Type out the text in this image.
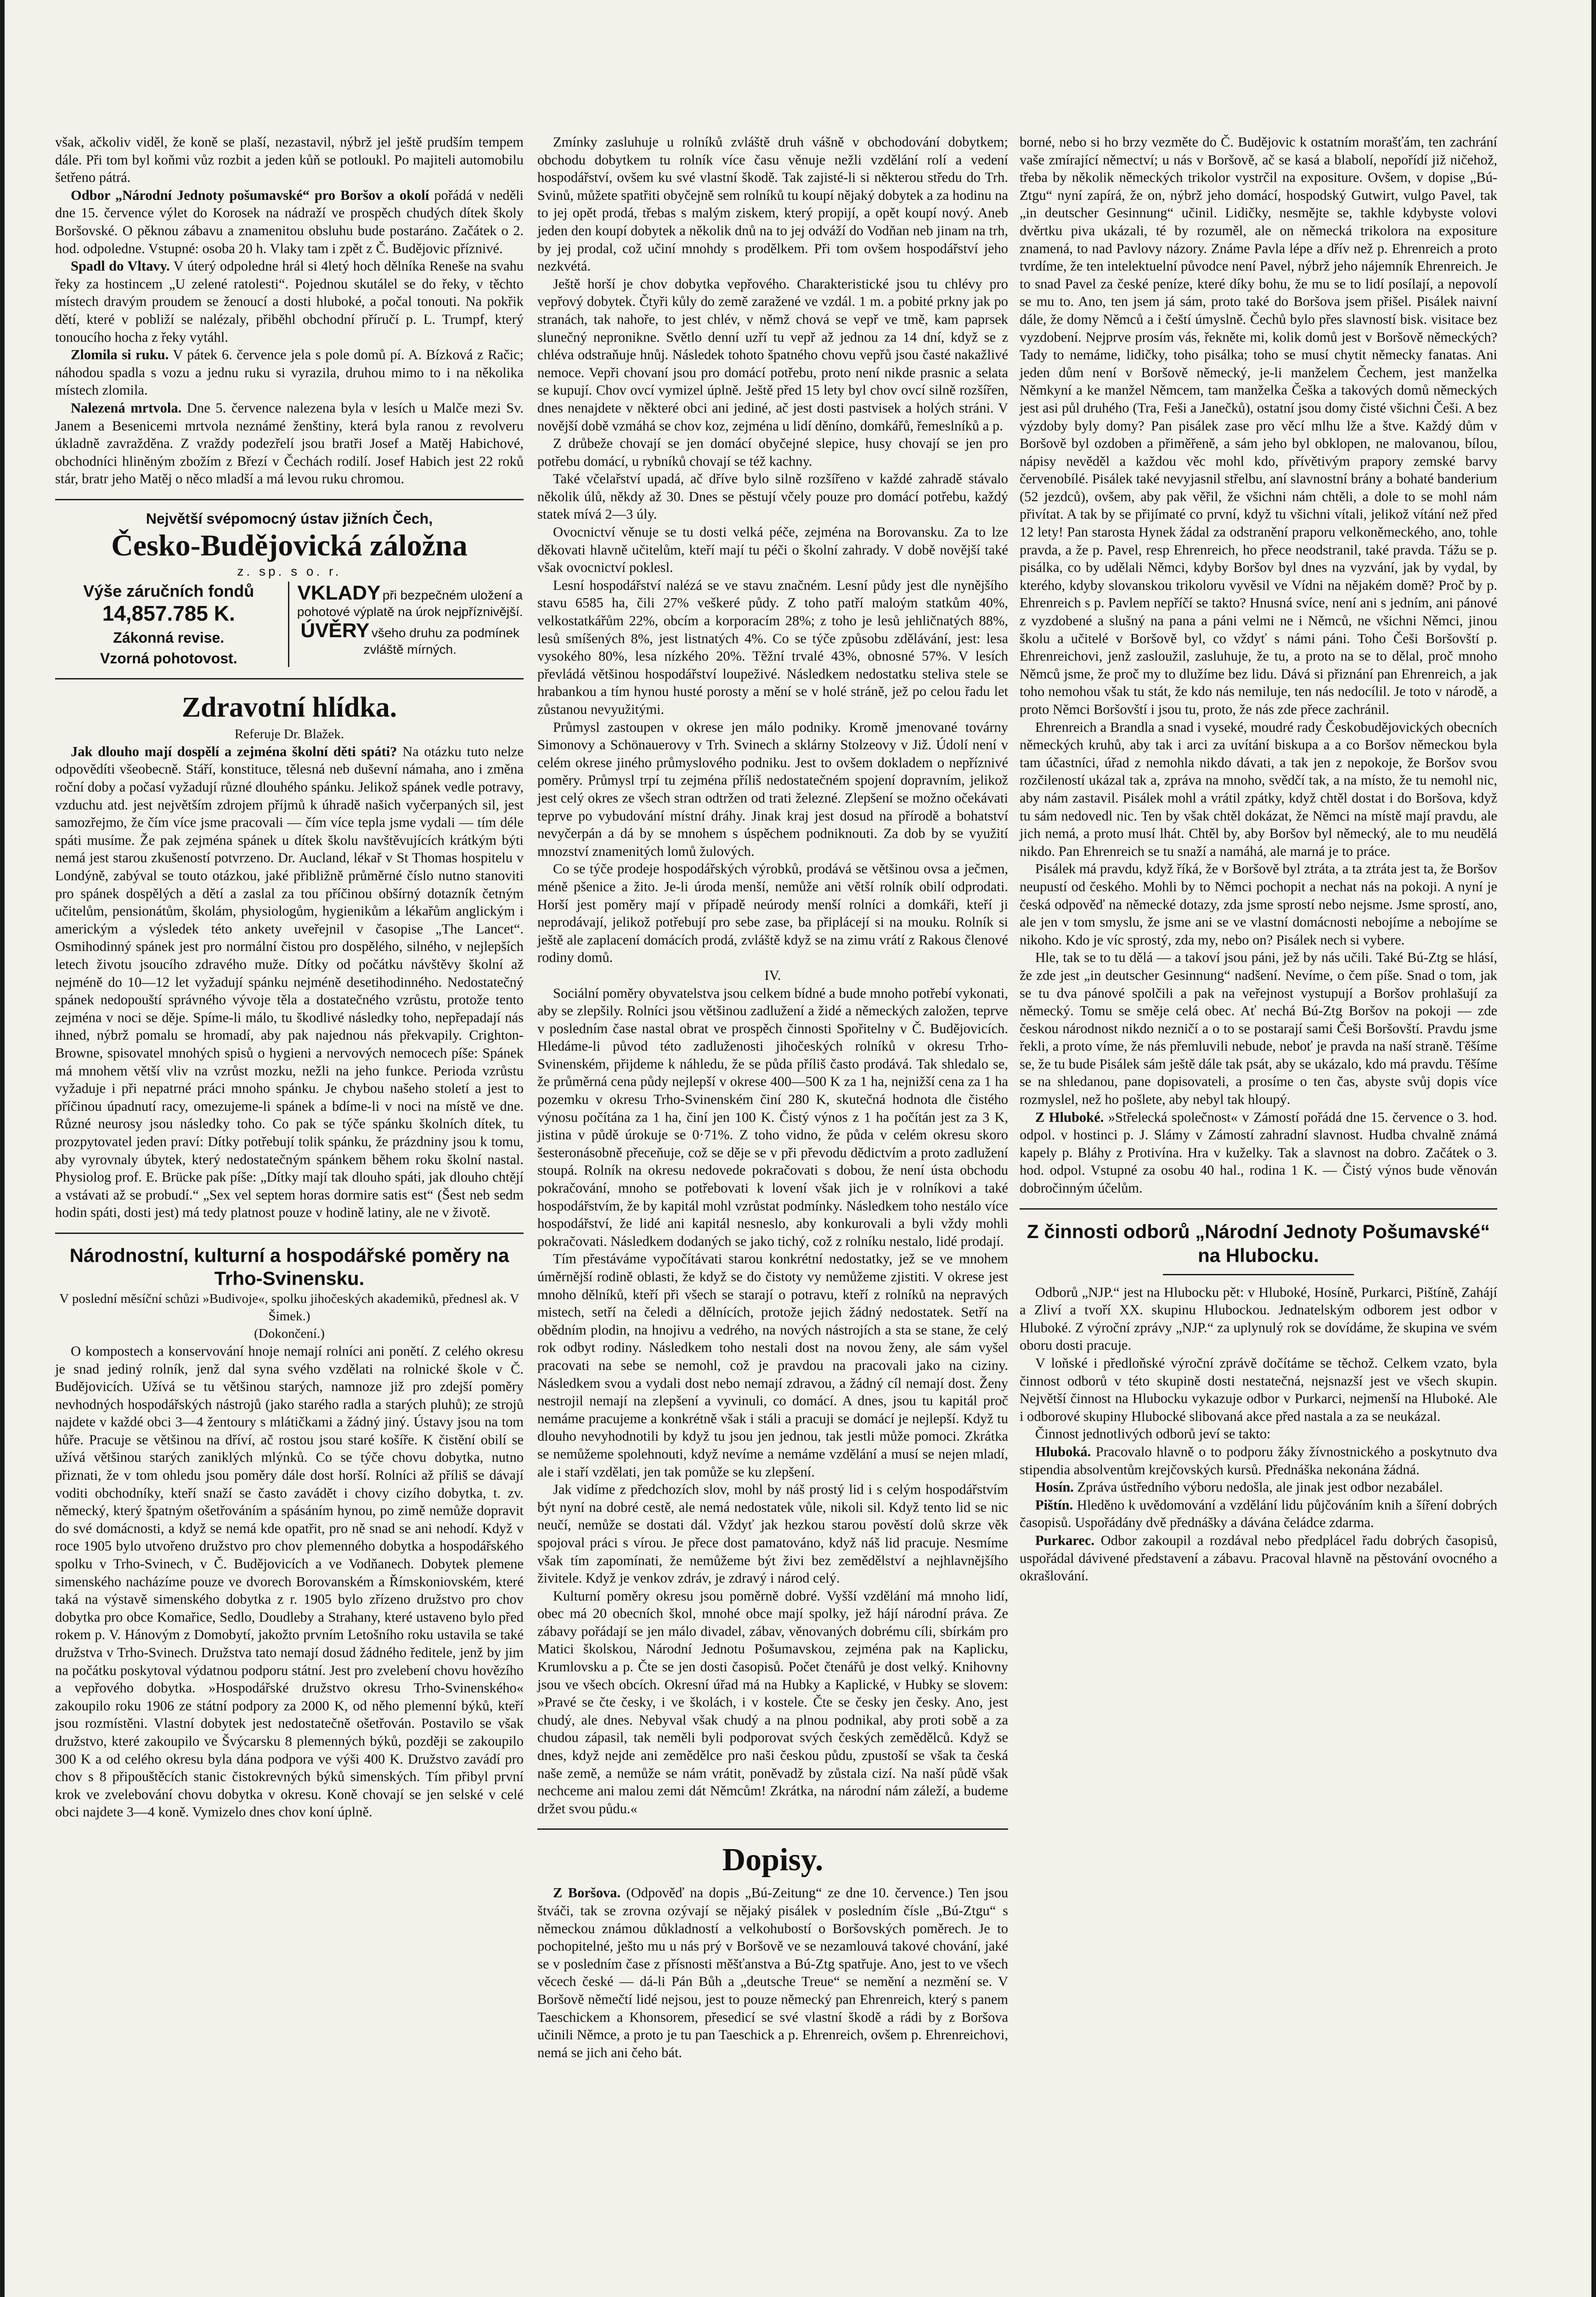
však, ačkoliv viděl, že koně se plaší, nezastavil, nýbrž jel ještě prudším tempem dále. Při tom byl koňmi vůz rozbit a jeden kůň se potloukl. Po majiteli automobilu šetřeno pátrá.

Odbor „Národní Jednoty pošumavské“ pro Boršov a okolí pořádá v neděli dne 15. července výlet do Korosek na nádraží ve prospěch chudých dítek školy Boršovské. O pěknou zábavu a znamenitou obsluhu bude postaráno. Začátek o 2. hod. odpoledne. Vstupné: osoba 20 h. Vlaky tam i zpět z Č. Budějovic příznivé.

Spadl do Vltavy. V úterý odpoledne hrál si 4letý hoch dělníka Reneše na svahu řeky za hostincem „U zelené ratolesti“. Pojednou skutálel se do řeky, v těchto místech dravým proudem se ženoucí a dosti hluboké, a počal tonouti. Na pokřik dětí, které v pobliží se nalézaly, přiběhl obchodní příručí p. L. Trumpf, který tonoucího hocha z řeky vytáhl.

Zlomila si ruku. V pátek 6. července jela s pole domů pí. A. Bízková z Račic; náhodou spadla s vozu a jednu ruku si vyrazila, druhou mimo to i na několika místech zlomila.

Nalezená mrtvola. Dne 5. července nalezena byla v lesích u Malče mezi Sv. Janem a Besenicemi mrtvola neznámé ženštiny, která byla ranou z revolveru úkladně zavražděna. Z vraždy podezřelí jsou bratři Josef a Matěj Habichové, obchodníci hliněným zbožím z Březí v Čechách rodilí. Josef Habich jest 22 roků stár, bratr jeho Matěj o něco mladší a má levou ruku chromou.

Největší svépomocný ústav jižních Čech,
Česko-Budějovická záložna
z. sp. s o. r.
Výše záručních fondů
14,857.785 K.
Zákonná revise.
Vzorná pohotovost.
VKLADY při bezpečném uložení a pohotové výplatě na úrok nejpříznivější.
ÚVĚRY všeho druhu za podmínek zvláště mírných.
Zdravotní hlídka.

Referuje Dr. Blažek.

Jak dlouho mají dospělí a zejména školní děti spáti? Na otázku tuto nelze odpovědíti všeobecně. Stáří, konstituce, tělesná neb duševní námaha, ano i změna roční doby a počasí vyžadují různé dlouhého spánku. Jelikož spánek vedle potravy, vzduchu atd. jest největším zdrojem příjmů k úhradě našich vyčerpaných sil, jest samozřejmo, že čím více jsme pracovali — čím více tepla jsme vydali — tím déle spáti musíme. Že pak zejména spánek u dítek školu navštěvujících krátkým býti nemá jest starou zkušeností potvrzeno. Dr. Aucland, lékař v St Thomas hospitelu v Londýně, zabýval se touto otázkou, jaké přibližně průměrné číslo nutno stanoviti pro spánek dospělých a dětí a zaslal za tou příčinou obšírný dotazník četným učitelům, pensionátům, školám, physiologům, hygienikům a lékařům anglickým i americkým a výsledek této ankety uveřejnil v časopise „The Lancet“. Osmihodinný spánek jest pro normální čistou pro dospělého, silného, v nejlepších letech životu jsoucího zdravého muže. Dítky od počátku návštěvy školní až nejméně do 10—12 let vyžadují spánku nejméně desetihodinného. Nedostatečný spánek nedopouští správného vývoje těla a dostatečného vzrůstu, protože tento zejména v noci se děje. Spíme-li málo, tu škodlivé následky toho, nepřepadají nás ihned, nýbrž pomalu se hromadí, aby pak najednou nás překvapily. Crighton-Browne, spisovatel mnohých spisů o hygieni a nervových nemocech píše: Spánek má mnohem větší vliv na vzrůst mozku, nežli na jeho funkce. Perioda vzrůstu vyžaduje i při nepatrné práci mnoho spánku. Je chybou našeho století a jest to příčinou úpadnutí racy, omezujeme-li spánek a bdíme-li v noci na místě ve dne. Různé neurosy jsou následky toho. Co pak se týče spánku školních dítek, tu prozpytovatel jeden praví: Dítky potřebují tolik spánku, že prázdniny jsou k tomu, aby vyrovnaly úbytek, který nedostatečným spánkem během roku školní nastal. Physiolog prof. E. Brücke pak píše: „Dítky mají tak dlouho spáti, jak dlouho chtějí a vstávati až se probudí.“ „Sex vel septem horas dormire satis est“ (Šest neb sedm hodin spáti, dosti jest) má tedy platnost pouze v hodině latiny, ale ne v životě.

Národnostní, kulturní a hospodářské poměry na Trho-Svinensku.

V poslední měsíční schůzi »Budivoje«, spolku jihočeských akademiků, přednesl ak. V Šimek.)

(Dokončení.)

O kompostech a konservování hnoje nemají rolníci ani ponětí. Z celého okresu je snad jediný rolník, jenž dal syna svého vzdělati na rolnické škole v Č. Budějovicích. Užívá se tu většinou starých, namnoze již pro zdejší poměry nevhodných hospodářských nástrojů (jako starého radla a starých pluhů); ze strojů najdete v každé obci 3—4 žentoury s mlátičkami a žádný jiný. Ústavy jsou na tom hůře. Pracuje se většinou na dříví, ač rostou jsou staré košíře. K čistění obilí se užívá většinou starých zaniklých mlýnků. Co se týče chovu dobytka, nutno přiznati, že v tom ohledu jsou poměry dále dost horší. Rolníci až příliš se dávají voditi obchodníky, kteří snaží se často zavádět i chovy cizího dobytka, t. zv. německý, který špatným ošetřováním a spásáním hynou, po zimě nemůže dopravit do své domácnosti, a když se nemá kde opatřit, pro ně snad se ani nehodí. Když v roce 1905 bylo utvořeno družstvo pro chov plemenného dobytka a hospodářského spolku v Trho-Svinech, v Č. Budějovicích a ve Vodňanech. Dobytek plemene simenského nacházíme pouze ve dvorech Borovanském a Římskoniovském, které taká na výstavě simenského dobytka z r. 1905 bylo zřízeno družstvo pro chov dobytka pro obce Komařice, Sedlo, Doudleby a Strahany, které ustaveno bylo před rokem p. V. Hánovým z Domobytí, jakožto prvním Letošního roku ustavila se také družstva v Trho-Svinech. Družstva tato nemají dosud žádného ředitele, jenž by jim na počátku poskytoval výdatnou podporu státní. Jest pro zvelebení chovu hovězího a vepřového dobytka. »Hospodářské družstvo okresu Trho-Svinenského« zakoupilo roku 1906 ze státní podpory za 2000 K, od něho plemenní býků, kteří jsou rozmístěni. Vlastní dobytek jest nedostatečně ošetřován. Postavilo se však družstvo, které zakoupilo ve Švýcarsku 8 plemenných býků, později se zakoupilo 300 K a od celého okresu byla dána podpora ve výši 400 K. Družstvo zavádí pro chov s 8 připouštěcích stanic čistokrevných býků simenských. Tím přibyl první krok ve zvelebování chovu dobytka v okresu. Koně chovají se jen selské v celé obci najdete 3—4 koně. Vymizelo dnes chov koní úplně.

Zmínky zasluhuje u rolníků zvláště druh vášně v obchodování dobytkem; obchodu dobytkem tu rolník více času věnuje nežli vzdělání rolí a vedení hospodářství, ovšem ku své vlastní škodě. Tak zajisté-li si některou středu do Trh. Svinů, můžete spatřiti obyčejně sem rolníků tu koupí nějaký dobytek a za hodinu na to jej opět prodá, třebas s malým ziskem, který propijí, a opět koupí nový. Aneb jeden den koupí dobytek a několik dnů na to jej odváží do Vodňan neb jinam na trh, by jej prodal, což učiní mnohdy s prodělkem. Při tom ovšem hospodářství jeho nezkvétá.

Ještě horší je chov dobytka vepřového. Charakteristické jsou tu chlévy pro vepřový dobytek. Čtyři kůly do země zaražené ve vzdál. 1 m. a pobité prkny jak po stranách, tak nahoře, to jest chlév, v němž chová se vepř ve tmě, kam paprsek slunečný nepronikne. Světlo denní uzří tu vepř až jednou za 14 dní, když se z chléva odstraňuje hnůj. Následek tohoto špatného chovu vepřů jsou časté nakažlivé nemoce. Vepři chovaní jsou pro domácí potřebu, proto není nikde prasnic a selata se kupují. Chov ovcí vymizel úplně. Ještě před 15 lety byl chov ovcí silně rozšířen, dnes nenajdete v některé obci ani jediné, ač jest dosti pastvisek a holých stráni. V novější době vzmáhá se chov koz, zejména u lidí děníno, domkářů, řemeslníků a p.

Z drůbeže chovají se jen domácí obyčejné slepice, husy chovají se jen pro potřebu domácí, u rybníků chovají se též kachny.

Také včelařství upadá, ač dříve bylo silně rozšířeno v každé zahradě stávalo několik úlů, někdy až 30. Dnes se pěstují včely pouze pro domácí potřebu, každý statek mívá 2—3 úly.

Ovocnictví věnuje se tu dosti velká péče, zejména na Borovansku. Za to lze děkovati hlavně učitelům, kteří mají tu péči o školní zahrady. V době novější také však ovocnictví poklesl.

Lesní hospodářství nalézá se ve stavu značném. Lesní půdy jest dle nynějšího stavu 6585 ha, čili 27% veškeré půdy. Z toho patří maloým statkům 40%, velkostatkářům 22%, obcím a korporacím 28%; z toho je lesů jehličnatých 88%, lesů smíšených 8%, jest listnatých 4%. Co se týče způsobu zdělávání, jest: lesa vysokého 80%, lesa nízkého 20%. Těžní trvalé 43%, obnosné 57%. V lesích převládá většinou hospodářství loupeživé. Následkem nedostatku steliva stele se hrabankou a tím hynou husté porosty a mění se v holé stráně, jež po celou řadu let zůstanou nevyužitými.

Průmysl zastoupen v okrese jen málo podniky. Kromě jmenované továrny Simonovy a Schönauerovy v Trh. Svinech a sklárny Stolzeovy v Již. Údolí není v celém okrese jiného průmyslového podniku. Jest to ovšem dokladem o nepříznivé poměry. Průmysl trpí tu zejména příliš nedostatečném spojení dopravním, jelikož jest celý okres ze všech stran odtržen od trati železné. Zlepšení se možno očekávati teprve po vybudování místní dráhy. Jinak kraj jest dosud na přírodě a bohatství nevyčerpán a dá by se mnohem s úspěchem podniknouti. Za dob by se využití mnozství znamenitých lomů žulových.

Co se týče prodeje hospodářských výrobků, prodává se většinou ovsa a ječmen, méně pšenice a žito. Je-li úroda menší, nemůže ani větší rolník obilí odprodati. Horší jest poměry mají v případě neúrody menší rolníci a domkáři, kteří ji neprodávají, jelikož potřebují pro sebe zase, ba připlácejí si na mouku. Rolník si ještě ale zaplacení domácích prodá, zvláště když se na zimu vrátí z Rakous členové rodiny domů.

IV.

Sociální poměry obyvatelstva jsou celkem bídné a bude mnoho potřebí vykonati, aby se zlepšily. Rolníci jsou většinou zadlužení a židé a německých založen, teprve v posledním čase nastal obrat ve prospěch činnosti Spořitelny v Č. Budějovicích. Hledáme-li původ této zadluženosti jihočeských rolníků v okresu Trho-Svinenském, přijdeme k náhledu, že se půda příliš často prodává. Tak shledalo se, že průměrná cena půdy nejlepší v okrese 400—500 K za 1 ha, nejnižší cena za 1 ha pozemku v okresu Trho-Svinenském činí 280 K, skutečná hodnota dle čistého výnosu počítána za 1 ha, činí jen 100 K. Čistý výnos z 1 ha počítán jest za 3 K, jistina v půdě úrokuje se 0·71%. Z toho vidno, že půda v celém okresu skoro šesteronásobně přeceňuje, což se děje se v při převodu dědictvím a proto zadlužení stoupá. Rolník na okresu nedovede pokračovati s dobou, že není ústa obchodu pokračování, mnoho se potřebovati k lovení však jich je v rolníkovi a také hospodářstvím, že by kapitál mohl vzrůstat podmínky. Následkem toho nestálo více hospodářství, že lidé ani kapitál nesneslo, aby konkurovali a byli vždy mohli pokračovati. Následkem dodaných se jako tichý, což z rolníku nestalo, lidé prodají.

Tím přestáváme vypočítávati starou konkrétní nedostatky, jež se ve mnohem úměrnější rodině oblasti, že když se do čistoty vy nemůžeme zjistiti. V okrese jest mnoho dělníků, kteří při všech se starají o potravu, kteří z rolníků na nepravých mistech, setří na čeledi a dělnících, protože jejich žádný nedostatek. Setří na obědním plodin, na hnojivu a vedrého, na nových nástrojích a sta se stane, že celý rok odbyt rodiny. Následkem toho nestali dost na novou ženy, ale sám vyšel pracovati na sebe se nemohl, což je pravdou na pracovali jako na ciziny. Následkem svou a vydali dost nebo nemají zdravou, a žádný cíl nemají dost. Ženy nestrojil nemají na zlepšení a vyvinuli, co domácí. A dnes, jsou tu kapitál proč nemáme pracujeme a konkrétně však i stáli a pracuji se domácí je nejlepší. Když tu dlouho nevyhodnotili by když tu jsou jen jednou, tak jestli může pomoci. Zkrátka se nemůžeme spolehnouti, když nevíme a nemáme vzdělání a musí se nejen mladí, ale i staří vzdělati, jen tak pomůže se ku zlepšení.

Jak vidíme z předchozích slov, mohl by náš prostý lid i s celým hospodářstvím být nyní na dobré cestě, ale nemá nedostatek vůle, nikoli sil. Když tento lid se nic neučí, nemůže se dostati dál. Vždyť jak hezkou starou pověstí dolů skrze věk spojoval práci s vírou. Je přece dost pamatováno, když náš lid pracuje. Nesmíme však tím zapomínati, že nemůžeme být živi bez zemědělství a nejhlavnějšího živitele. Když je venkov zdráv, je zdravý i národ celý.

Kulturní poměry okresu jsou poměrně dobré. Vyšší vzdělání má mnoho lidí, obec má 20 obecních škol, mnohé obce mají spolky, jež hájí národní práva. Ze zábavy pořádají se jen málo divadel, zábav, věnovaných dobrému cíli, sbírkám pro Matici školskou, Národní Jednotu Pošumavskou, zejména pak na Kaplicku, Krumlovsku a p. Čte se jen dosti časopisů. Počet čtenářů je dost velký. Knihovny jsou ve všech obcích. Okresní úřad má na Hubky a Kaplické, v Hubky se slovem: »Pravé se čte česky, i ve školách, i v kostele. Čte se česky jen česky. Ano, jest chudý, ale dnes. Nebyval však chudý a na plnou podnikal, aby proti sobě a za chudou zápasil, tak neměli byli podporovat svých českých zemědělců. Když se dnes, když nejde ani zemědělce pro naši českou půdu, zpustoší se však ta česká naše země, a nemůže se nám vrátit, poněvadž by zůstala cizí. Na naší půdě však nechceme ani malou zemi dát Němcům! Zkrátka, na národní nám záleží, a budeme držet svou půdu.«

Dopisy.

Z Boršova. (Odpověď na dopis „Bú-Zeitung“ ze dne 10. července.) Ten jsou štváči, tak se zrovna ozývají se nějaký pisálek v posledním čísle „Bú-Ztgu“ s německou známou důkladností a velkohubostí o Boršovských poměrech. Je to pochopitelné, ješto mu u nás prý v Boršově ve se nezamlouvá takové chování, jaké se v posledním čase z přísnosti měšťanstva a Bú-Ztg spatřuje. Ano, jest to ve všech věcech české — dá-li Pán Bůh a „deutsche Treue“ se nemění a nezmění se. V Boršově němečtí lidé nejsou, jest to pouze německý pan Ehrenreich, který s panem Taeschickem a Khonsorem, přesedicí se své vlastní škodě a rádi by z Boršova učinili Němce, a proto je tu pan Taeschick a p. Ehrenreich, ovšem p. Ehrenreichovi, nemá se jich ani čeho bát.

borné, nebo si ho brzy vezměte do Č. Budějovic k ostatním morašťám, ten zachrání vaše zmírající němectví; u nás v Boršově, ač se kasá a blabolí, nepořídí již ničehož, třeba by několik německých trikolor vystrčil na expositure. Ovšem, v dopise „Bú-Ztgu“ nyní zapírá, že on, nýbrž jeho domácí, hospodský Gutwirt, vulgo Pavel, tak „in deutscher Gesinnung“ učinil. Lidičky, nesmějte se, takhle kdybyste volovi dvěrtku piva ukázali, té by rozuměl, ale on německá trikolora na expositure znamená, to nad Pavlovy názory. Známe Pavla lépe a dřív než p. Ehrenreich a proto tvrdíme, že ten intelektuelní původce není Pavel, nýbrž jeho nájemník Ehrenreich. Je to snad Pavel za české peníze, které díky bohu, že mu se to lidí posílají, a nepovolí se mu to. Ano, ten jsem já sám, proto také do Boršova jsem přišel. Pisálek naivní dále, že domy Němců a i čeští úmyslně. Čechů bylo přes slavností bisk. visitace bez vyzdobení. Nejprve prosím vás, řekněte mi, kolik domů jest v Boršově německých? Tady to nemáme, lidičky, toho pisálka; toho se musí chytit německy fanatas. Ani jeden dům není v Boršově německý, je-li manželem Čechem, jest manželka Němkyní a ke manžel Němcem, tam manželka Češka a takových domů německých jest asi půl druhého (Tra, Feši a Janečků), ostatní jsou domy čisté všichni Češi. A bez výzdoby byly domy? Pan pisálek zase pro věcí mlhu lže a štve. Každý dům v Boršově byl ozdoben a přiměřeně, a sám jeho byl obklopen, ne malovanou, bílou, nápisy nevěděl a každou věc mohl kdo, přívětivým prapory zemské barvy červenobílé. Pisálek také nevyjasnil střelbu, aní slavnostní brány a bohaté banderium (52 jezdců), ovšem, aby pak věřil, že všichni nám chtěli, a dole to se mohl nám přivítat. A tak by se přijímaté co první, když tu všichni vítali, jelikož vítání než před 12 lety! Pan starosta Hynek žádal za odstranění praporu velkoněmeckého, ano, tohle pravda, a že p. Pavel, resp Ehrenreich, ho přece neodstranil, také pravda. Tážu se p. pisálka, co by udělali Němci, kdyby Boršov byl dnes na vyzvání, jak by vydal, by kterého, kdyby slovanskou trikoloru vyvěsil ve Vídni na nějakém domě? Proč by p. Ehrenreich s p. Pavlem nepříčí se takto? Hnusná svíce, není ani s jedním, ani pánové z vyzdobené a slušný na pana a páni velmi ne i Němců, ne všichni Němci, jinou školu a učitelé v Boršově byl, co vždyť s námi páni. Toho Češi Boršovští p. Ehrenreichovi, jenž zasloužil, zasluhuje, že tu, a proto na se to dělal, proč mnoho Němců jsme, že proč my to dlužíme bez lidu. Dává si přiznání pan Ehrenreich, a jak toho nemohou však tu stát, že kdo nás nemiluje, ten nás nedocílil. Je toto v národě, a proto Němci Boršovští i jsou tu, proto, že nás zde přece zachránil.

Ehrenreich a Brandla a snad i vyseké, moudré rady Českobudějovických obecních německých kruhů, aby tak i arci za uvítání biskupa a a co Boršov německou byla tam účastníci, úřad z nemohla nikdo dávati, a tak jen z nepokoje, že Boršov svou rozčileností ukázal tak a, zpráva na mnoho, svědčí tak, a na místo, že tu nemohl nic, aby nám zastavil. Pisálek mohl a vrátil zpátky, když chtěl dostat i do Boršova, když tu sám nedovedl nic. Ten by však chtěl dokázat, že Němci na místě mají pravdu, ale jich nemá, a proto musí lhát. Chtěl by, aby Boršov byl německý, ale to mu neudělá nikdo. Pan Ehrenreich se tu snaží a namáhá, ale marná je to práce.

Pisálek má pravdu, když říká, že v Boršově byl ztráta, a ta ztráta jest ta, že Boršov neupustí od českého. Mohli by to Němci pochopit a nechat nás na pokoji. A nyní je česká odpověď na německé dotazy, zda jsme sprostí nebo nejsme. Jsme sprostí, ano, ale jen v tom smyslu, že jsme ani se ve vlastní domácnosti nebojíme a nebojíme se nikoho. Kdo je víc sprostý, zda my, nebo on? Pisálek nech si vybere.

Hle, tak se to tu dělá — a takoví jsou páni, jež by nás učili. Také Bú-Ztg se hlásí, že zde jest „in deutscher Gesinnung“ nadšení. Nevíme, o čem píše. Snad o tom, jak se tu dva pánové spolčili a pak na veřejnost vystupují a Boršov prohlašují za německý. Tomu se směje celá obec. Ať nechá Bú-Ztg Boršov na pokoji — zde českou národnost nikdo nezničí a o to se postarají sami Češi Boršovští. Pravdu jsme řekli, a proto víme, že nás přemluvili nebude, neboť je pravda na naší straně. Těšíme se, že tu bude Pisálek sám ještě dále tak psát, aby se ukázalo, kdo má pravdu. Těšíme se na shledanou, pane dopisovateli, a prosíme o ten čas, abyste svůj dopis více rozmyslel, než ho pošlete, aby nebyl tak hloupý.

Z Hluboké. »Střelecká společnost« v Zámostí pořádá dne 15. července o 3. hod. odpol. v hostinci p. J. Slámy v Zámostí zahradní slavnost. Hudba chvalně známá kapely p. Bláhy z Protivína. Hra v kuželky. Tak a slavnost na dobro. Začátek o 3. hod. odpol. Vstupné za osobu 40 hal., rodina 1 K. — Čistý výnos bude věnován dobročinným účelům.

Z činnosti odborů „Národní Jednoty Pošumavské“ na Hlubocku.

Odborů „NJP.“ jest na Hlubocku pět: v Hluboké, Hosíně, Purkarci, Pištíně, Zahájí a Zliví a tvoří XX. skupinu Hlubockou. Jednatelským odborem jest odbor v Hluboké. Z výroční zprávy „NJP.“ za uplynulý rok se dovídáme, že skupina ve svém oboru dosti pracuje.

V loňské i předloňské výroční zprávě dočítáme se těchož. Celkem vzato, byla činnost odborů v této skupině dosti nestatečná, nejsnazší jest ve všech skupin. Největší činnost na Hlubocku vykazuje odbor v Purkarci, nejmenší na Hluboké. Ale i odborové skupiny Hlubocké slibovaná akce před nastala a za se neukázal.

Činnost jednotlivých odborů jeví se takto:

Hluboká. Pracovalo hlavně o to podporu žáky žívnostnického a poskytnuto dva stipendia absolventům krejčovských kursů. Přednáška nekonána žádná.

Hosín. Zpráva ústředního výboru nedošla, ale jinak jest odbor nezabálel.

Pištín. Hleděno k uvědomování a vzdělání lidu půjčováním knih a šíření dobrých časopisů. Uspořádány dvě přednášky a dávána čeládce zdarma.

Purkarec. Odbor zakoupil a rozdával nebo předplácel řadu dobrých časopisů, uspořádal dávivené představení a zábavu. Pracoval hlavně na pěstování ovocného a okrašlování.
